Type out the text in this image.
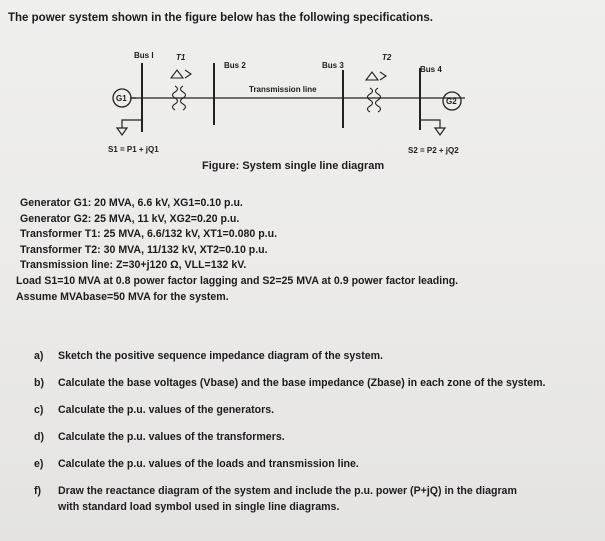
The power system shown in the figure below has the following specifications.
G1
Bus I
S1 = P1 + jQ1
T1
Bus 2
Transmission line
Bus 3
T2
Bus 4
G2
S2 = P2 + jQ2
Figure: System single line diagram
Generator G1: 20 MVA, 6.6 kV, XG1=0.10 p.u.
Generator G2: 25 MVA, 11 kV, XG2=0.20 p.u.
Transformer T1: 25 MVA, 6.6/132 kV, XT1=0.080 p.u.
Transformer T2: 30 MVA, 11/132 kV, XT2=0.10 p.u.
Transmission line: Z=30+j120 Ω, VLL=132 kV.
Load S1=10 MVA at 0.8 power factor lagging and S2=25 MVA at 0.9 power factor leading.
Assume MVAbase=50 MVA for the system.
a) Sketch the positive sequence impedance diagram of the system.
b) Calculate the base voltages (Vbase) and the base impedance (Zbase) in each zone of the system.
c) Calculate the p.u. values of the generators.
d) Calculate the p.u. values of the transformers.
e) Calculate the p.u. values of the loads and transmission line.
f) Draw the reactance diagram of the system and include the p.u. power (P+jQ) in the diagram
with standard load symbol used in single line diagrams.
